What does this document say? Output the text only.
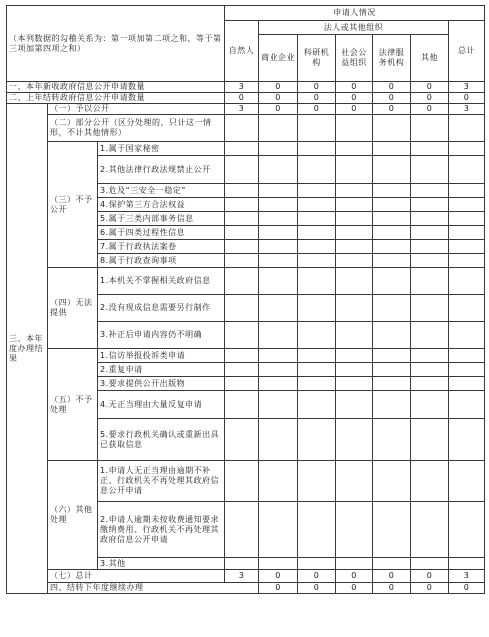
（本列数据的勾稽关系为：第一项加第二项之和，等于第三项加第四项之和）			申请人情况							
			自然人	法人或其他组织					总计	
				商业企业	科研机构	社会公益组织	法律服务机构	其他		
一、本年新收政府信息公开申请数量			3	0	0	0	0	0	3	
二、上年结转政府信息公开申请数量			0	0	0	0	0	0	0	
三、本年度办理结果	（一）予以公开		3	0	0	0	0	0	3	
	（二）部分公开（区分处理的，只计这一情形，不计其他情形）									
	（三）不予公开	1.属于国家秘密								
		2.其他法律行政法规禁止公开								
		3.危及“三安全一稳定”								
		4.保护第三方合法权益								
		5.属于三类内部事务信息								
		6.属于四类过程性信息								
		7.属于行政执法案卷								
		8.属于行政查询事项								
	（四）无法提供	1.本机关不掌握相关政府信息								
		2.没有现成信息需要另行制作								
		3.补正后申请内容仍不明确								
	（五）不予处理	1.信访举报投诉类申请								
		2.重复申请								
		3.要求提供公开出版物								
		4.无正当理由大量反复申请								
		5.要求行政机关确认或重新出具已获取信息								
	（六）其他处理	1.申请人无正当理由逾期不补正、行政机关不再处理其政府信息公开申请								
		2.申请人逾期未按收费通知要求缴纳费用、行政机关不再处理其政府信息公开申请								
		3.其他								
	（七）总计		3	0	0	0	0	0	3	
	四、结转下年度继续办理			0	0	0	0	0	0	
